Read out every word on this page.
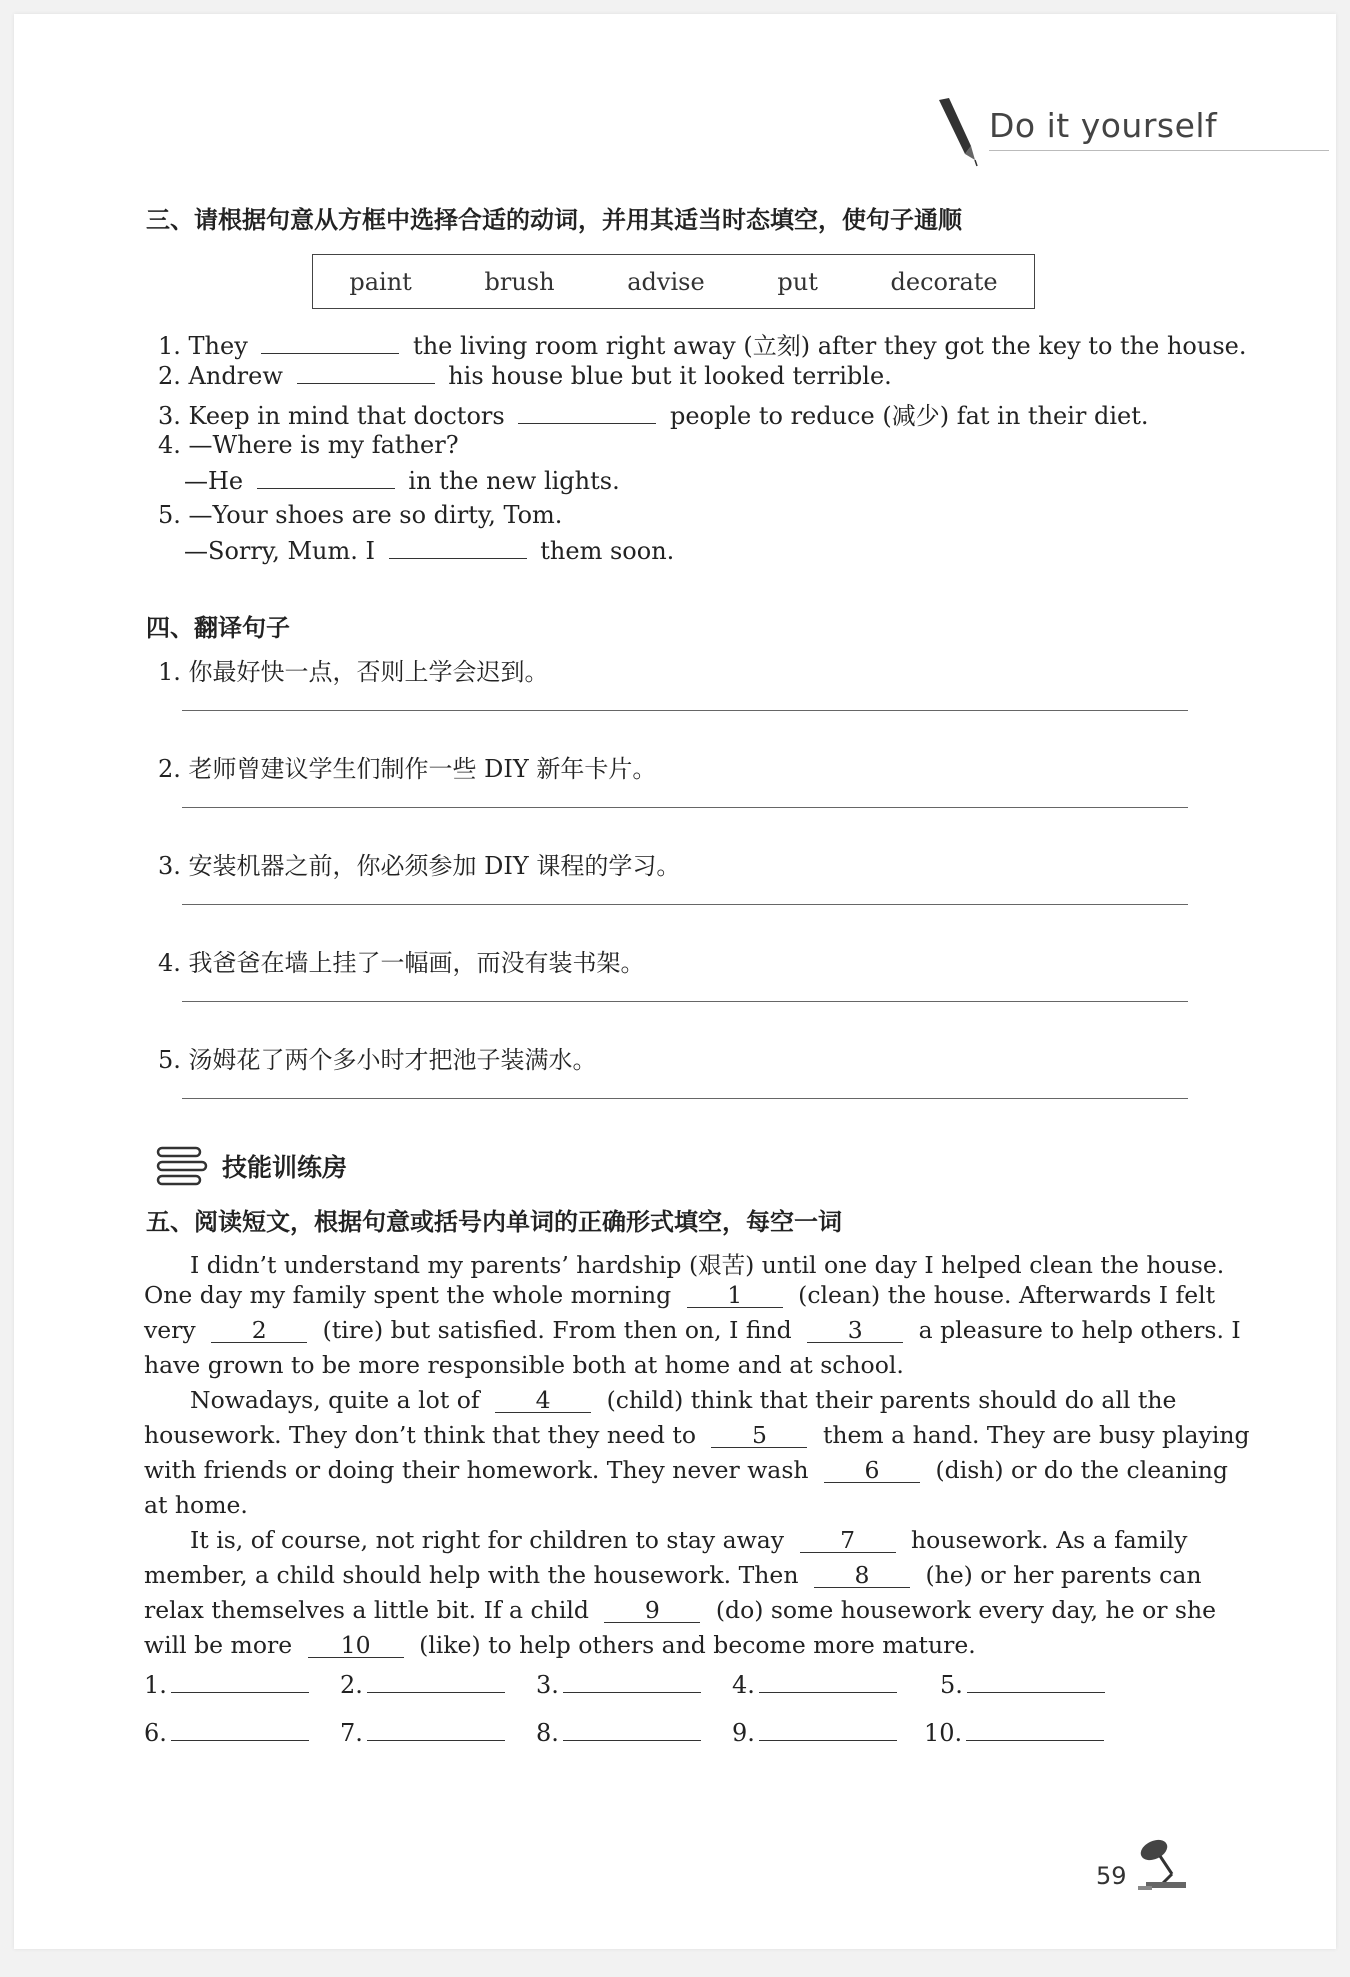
Do it yourself
三、请根据句意从方框中选择合适的动词，并用其适当时态填空，使句子通顺
paint	brush	advise	put	decorate
1. They	the living room right away (立刻) after they got the key to the house.
2. Andrew	his house blue but it looked terrible.
3. Keep in mind that doctors	people to reduce (减少) fat in their diet.
4. —Where is my father?
—He	in the new lights.
5. —Your shoes are so dirty, Tom.
—Sorry, Mum. I	them soon.
四、翻译句子
1. 你最好快一点，否则上学会迟到。
2. 老师曾建议学生们制作一些 DIY 新年卡片。
3. 安装机器之前，你必须参加 DIY 课程的学习。
4. 我爸爸在墙上挂了一幅画，而没有装书架。
5. 汤姆花了两个多小时才把池子装满水。
技能训练房
五、阅读短文，根据句意或括号内单词的正确形式填空，每空一词
I didn’t understand my parents’ hardship (艰苦) until one day I helped clean the house.
One day my family spent the whole morning 1 (clean) the house. Afterwards I felt
very 2 (tire) but satisfied. From then on, I find 3 a pleasure to help others. I
have grown to be more responsible both at home and at school.
Nowadays, quite a lot of 4 (child) think that their parents should do all the
housework. They don’t think that they need to 5 them a hand. They are busy playing
with friends or doing their homework. They never wash 6 (dish) or do the cleaning
at home.
It is, of course, not right for children to stay away 7 housework. As a family
member, a child should help with the housework. Then 8 (he) or her parents can
relax themselves a little bit. If a child 9 (do) some housework every day, he or she
will be more 10 (like) to help others and become more mature.
1.	2.	3.	4.	5.
6.	7.	8.	9.	10.
59
